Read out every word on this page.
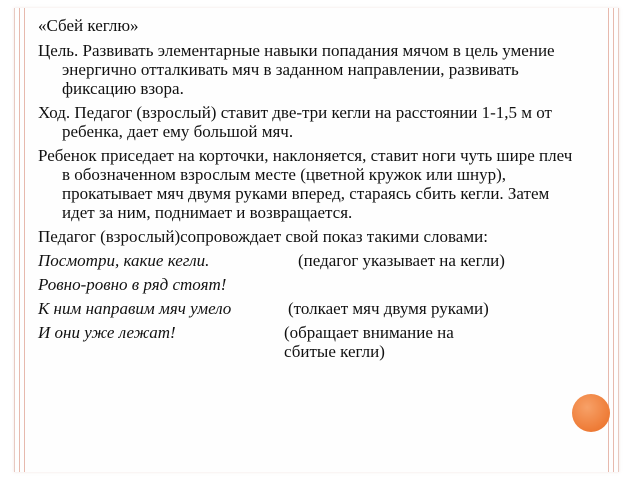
«Сбей кеглю»

Цель. Развивать элементарные навыки попадания мячом в цель умение энергично отталкивать мяч в заданном направлении, развивать фиксацию взора.

Ход. Педагог (взрослый) ставит две-три кегли на расстоянии 1-1,5 м от ребенка, дает ему большой мяч.

Ребенок приседает на корточки, наклоняется, ставит ноги чуть шире плеч в обозначенном взрослым месте (цветной кружок или шнур), прокатывает мяч двумя руками вперед, стараясь сбить кегли. Затем идет за ним, поднимает и возвращается.

Педагог (взрослый)сопровождает свой показ такими словами:

Посмотри, какие кегли.	(педагог указывает на кегли)
Ровно-ровно в ряд стоят!
К ним направим мяч умело	(толкает мяч двумя руками)
И они уже лежат!	(обращает внимание на сбитые кегли)
